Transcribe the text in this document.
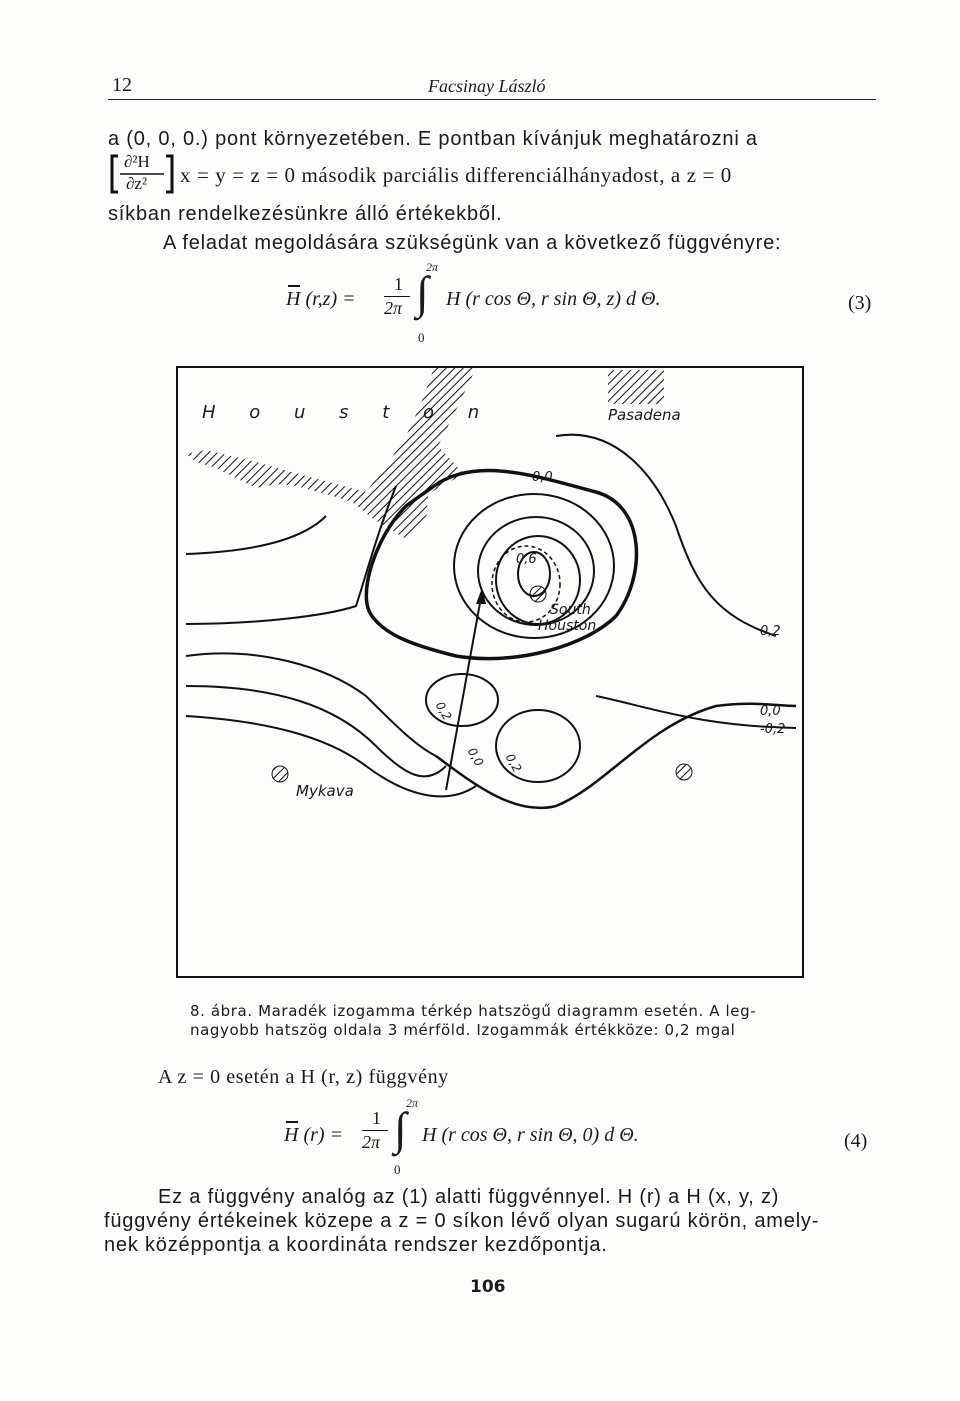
12	Facsinay László
a (0, 0, 0.) pont környezetében. E pontban kívánjuk meghatározni a
∂²H
∂z² x = y = z = 0 második parciális differenciálhányadost, a z = 0
síkban rendelkezésünkre álló értékekből.
A feladat megoldására szükségünk van a következő függvényre:
H (r,z) =
1
2π
2π
∫
0
H (r cos Θ, r sin Θ, z) d Θ.	(3)
H o u s t o n	Pasadena
South
Houston
Mykava
0,0
0,6
0,2
0,0
-0,2
0,2
0,0 0,2
8. ábra. Maradék izogamma térkép hatszögű diagramm esetén. A leg-nagyobb hatszög oldala 3 mérföld. Izogammák értékköze: 0,2 mgal
A z = 0 esetén a H (r, z) függvény
H (r) =
1
2π
2π
∫
0
H (r cos Θ, r sin Θ, 0) d Θ.	(4)
Ez a függvény analóg az (1) alatti függvénnyel. H (r) a H (x, y, z)
függvény értékeinek közepe a z = 0 síkon lévő olyan sugarú körön, amely-
nek középpontja a koordináta rendszer kezdőpontja.
106
